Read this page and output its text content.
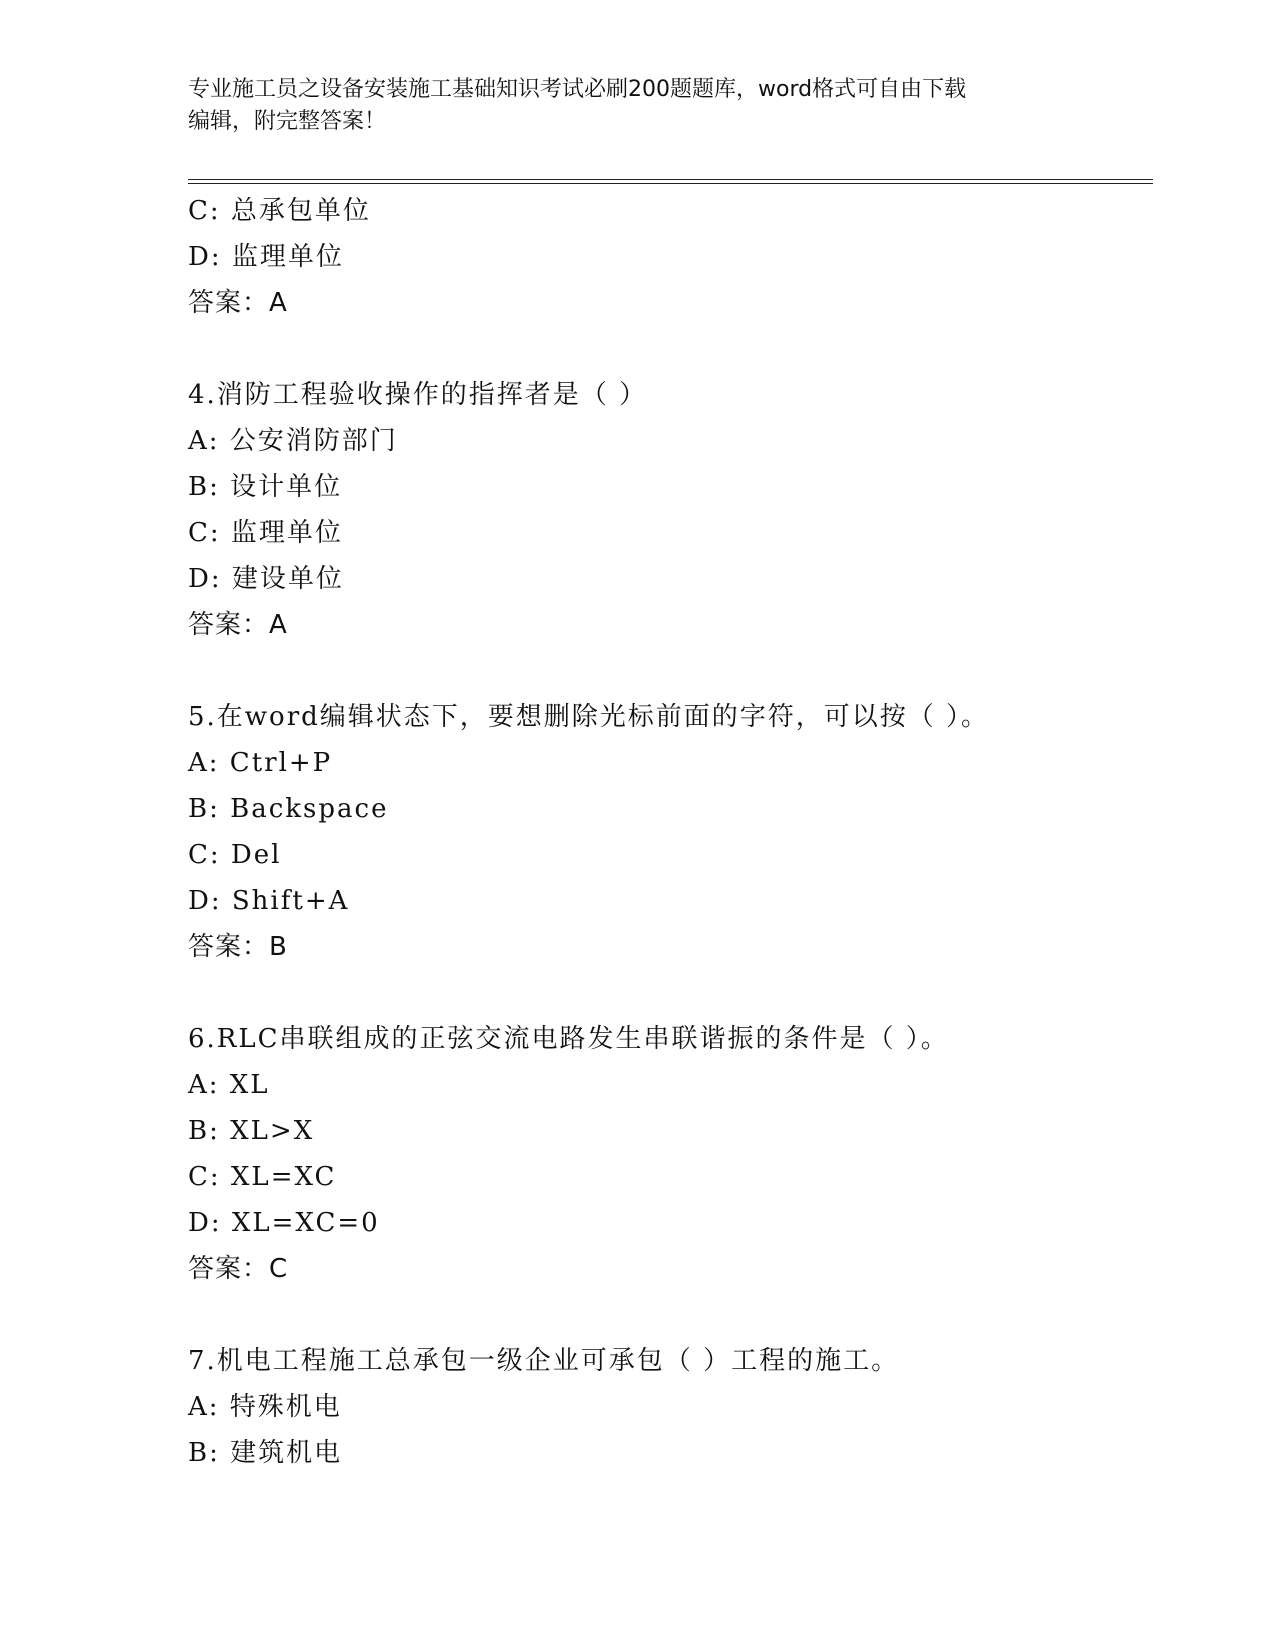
专业施工员之设备安装施工基础知识考试必刷200题题库，word格式可自由下载
编辑，附完整答案！
C: 总承包单位
D: 监理单位
答案：A
4.消防工程验收操作的指挥者是（ ）
A: 公安消防部门
B: 设计单位
C: 监理单位
D: 建设单位
答案：A
5.在word编辑状态下，要想删除光标前面的字符，可以按（ ）。
A: Ctrl+P
B: Backspace
C: Del
D: Shift+A
答案：B
6.RLC串联组成的正弦交流电路发生串联谐振的条件是（ ）。
A: XL
B: XL>X
C: XL=XC
D: XL=XC=0
答案：C
7.机电工程施工总承包一级企业可承包（ ）工程的施工。
A: 特殊机电
B: 建筑机电
